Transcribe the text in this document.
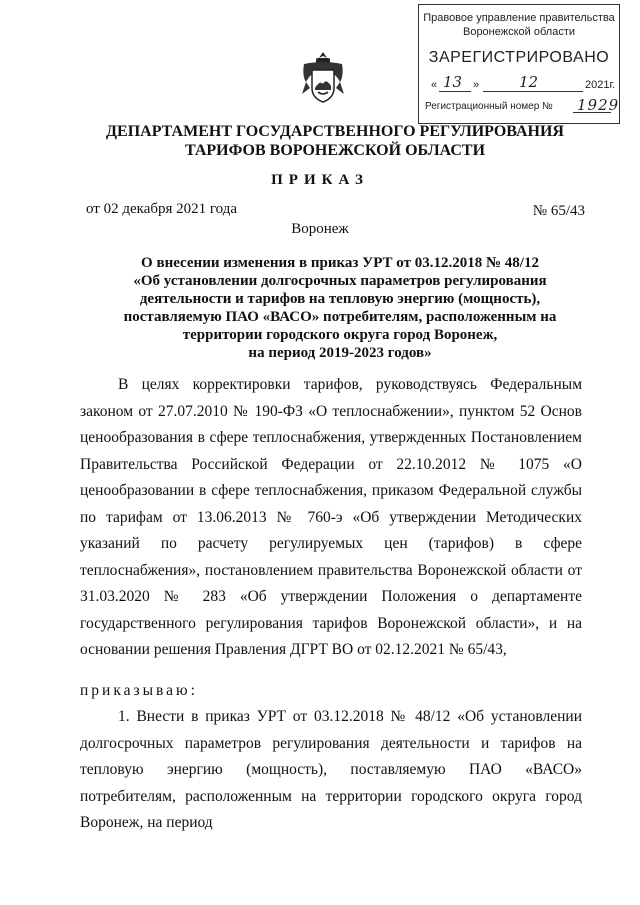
Правовое управление правительства
Воронежской области
ЗАРЕГИСТРИРОВАНО
« 13 »	12	2021г.
Регистрационный номер № 1929
ДЕПАРТАМЕНТ ГОСУДАРСТВЕННОГО РЕГУЛИРОВАНИЯ ТАРИФОВ ВОРОНЕЖСКОЙ ОБЛАСТИ
ПРИКАЗ
от 02 декабря 2021 года	№ 65/43
Воронеж
О внесении изменения в приказ УРТ от 03.12.2018 № 48/12
«Об установлении долгосрочных параметров регулирования
деятельности и тарифов на тепловую энергию (мощность),
поставляемую ПАО «ВАСО» потребителям, расположенным на
территории городского округа город Воронеж,
на период 2019-2023 годов»

В целях корректировки тарифов, руководствуясь Федеральным законом от 27.07.2010 № 190-ФЗ «О теплоснабжении», пунктом 52 Основ ценообразования в сфере теплоснабжения, утвержденных Постановлением Правительства Российской Федерации от 22.10.2012 № 1075 «О ценообразовании в сфере теплоснабжения, приказом Федеральной службы по тарифам от 13.06.2013 № 760-э «Об утверждении Методических указаний по расчету регулируемых цен (тарифов) в сфере теплоснабжения», постановлением правительства Воронежской области от 31.03.2020 № 283 «Об утверждении Положения о департаменте государственного регулирования тарифов Воронежской области», и на основании решения Правления ДГРТ ВО от 02.12.2021 № 65/43,

приказываю:

1. Внести в приказ УРТ от 03.12.2018 № 48/12 «Об установлении долгосрочных параметров регулирования деятельности и тарифов на тепловую энергию (мощность), поставляемую ПАО «ВАСО» потребителям, расположенным на территории городского округа город Воронеж, на период
